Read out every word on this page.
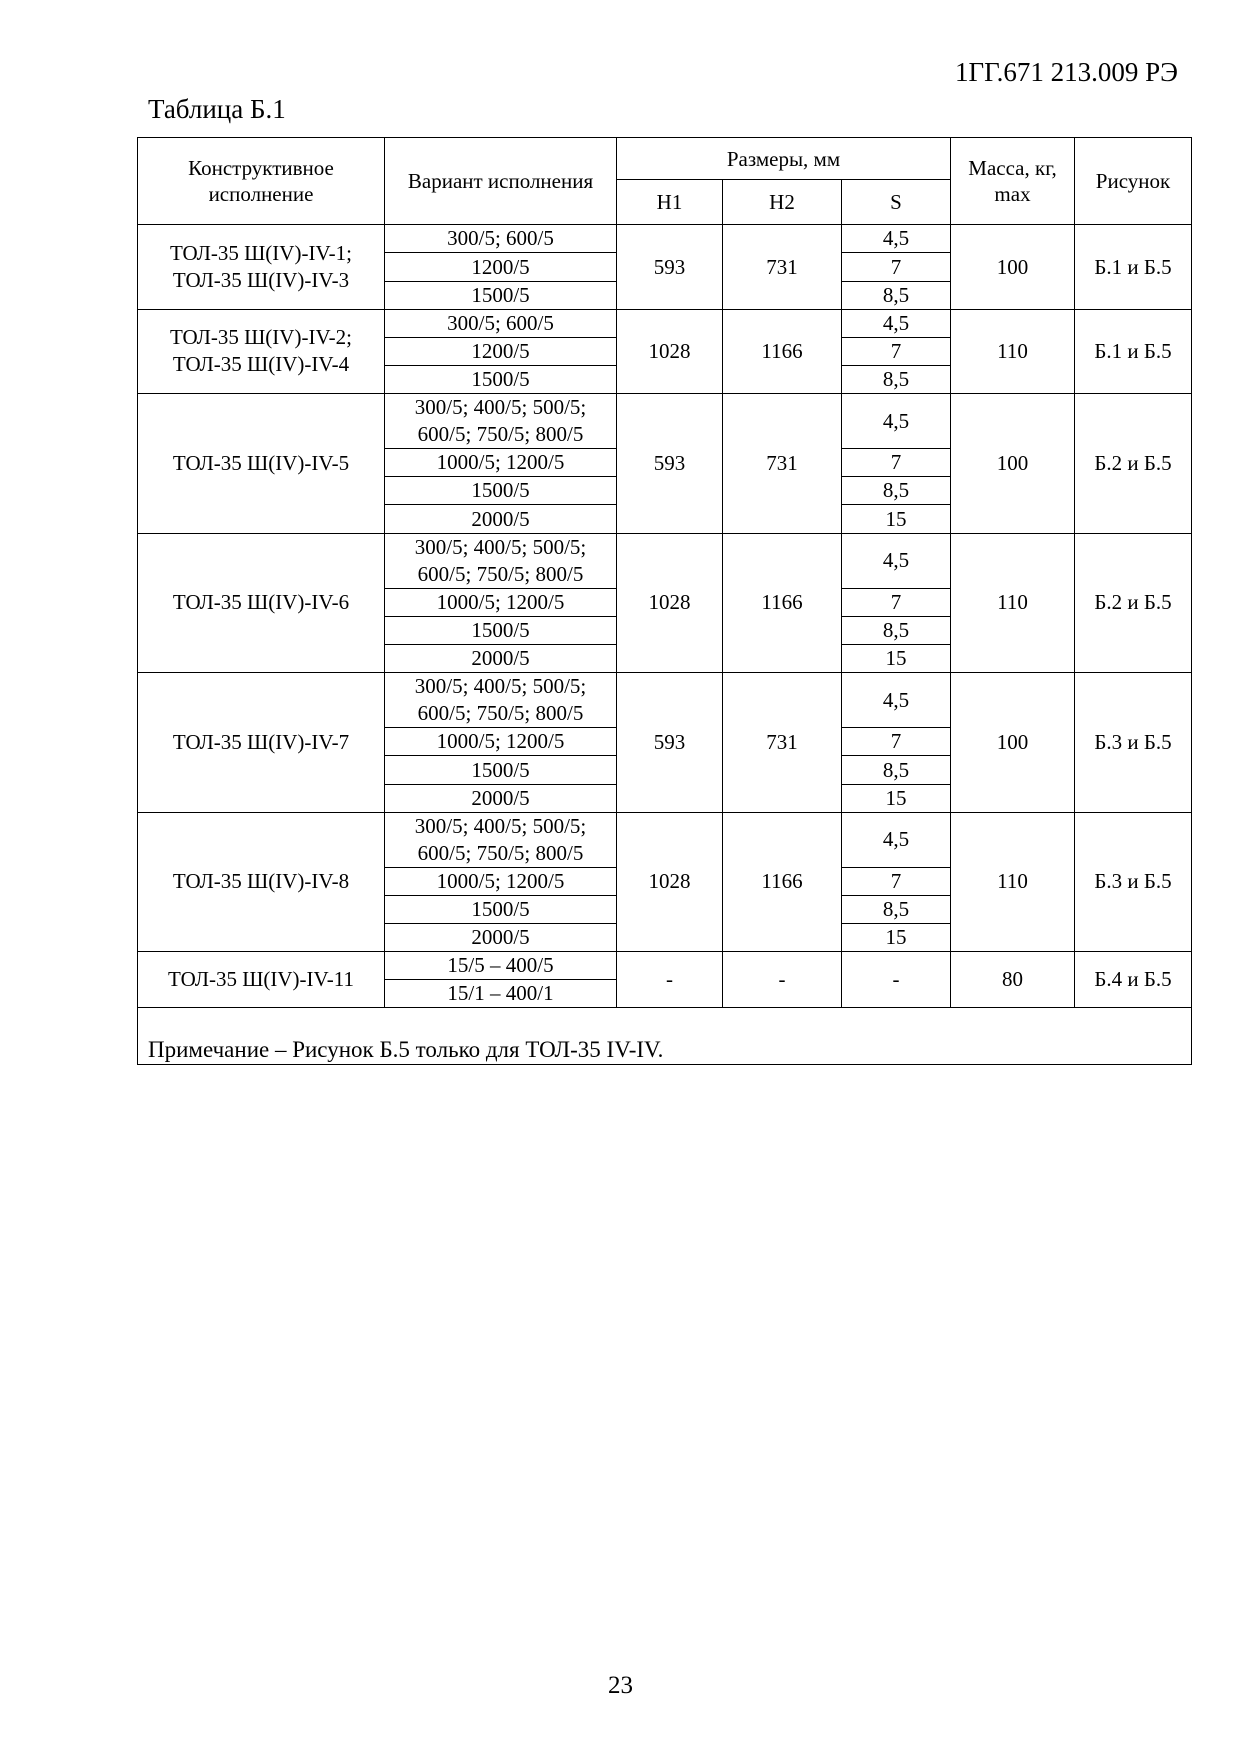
1ГГ.671 213.009 РЭ
Таблица Б.1
Конструктивное исполнение	Вариант исполнения	Размеры, мм			Масса, кг, max	Рисунок
		H1	H2	S		

ТОЛ-35 Ш(IV)-IV-1;
ТОЛ-35 Ш(IV)-IV-3	300/5; 600/5	593	731	4,5	100	Б.1 и Б.5

	1200/5			7		

	1500/5			8,5		

ТОЛ-35 Ш(IV)-IV-2;
ТОЛ-35 Ш(IV)-IV-4	300/5; 600/5	1028	1166	4,5	110	Б.1 и Б.5

	1200/5			7		

	1500/5			8,5		

ТОЛ-35 Ш(IV)-IV-5	300/5; 400/5; 500/5;
600/5; 750/5; 800/5	593	731	4,5	100	Б.2 и Б.5

	1000/5; 1200/5			7		

	1500/5			8,5		

	2000/5			15		

ТОЛ-35 Ш(IV)-IV-6	300/5; 400/5; 500/5;
600/5; 750/5; 800/5	1028	1166	4,5	110	Б.2 и Б.5

	1000/5; 1200/5			7		

	1500/5			8,5		

	2000/5			15		

ТОЛ-35 Ш(IV)-IV-7	300/5; 400/5; 500/5;
600/5; 750/5; 800/5	593	731	4,5	100	Б.3 и Б.5

	1000/5; 1200/5			7		

	1500/5			8,5		

	2000/5			15		

ТОЛ-35 Ш(IV)-IV-8	300/5; 400/5; 500/5;
600/5; 750/5; 800/5	1028	1166	4,5	110	Б.3 и Б.5

	1000/5; 1200/5			7		

	1500/5			8,5		

	2000/5			15		

ТОЛ-35 Ш(IV)-IV-11	15/5 – 400/5	-	-	-	80	Б.4 и Б.5

	15/1 – 400/1					

Примечание – Рисунок Б.5 только для ТОЛ-35 IV-IV.						
23
